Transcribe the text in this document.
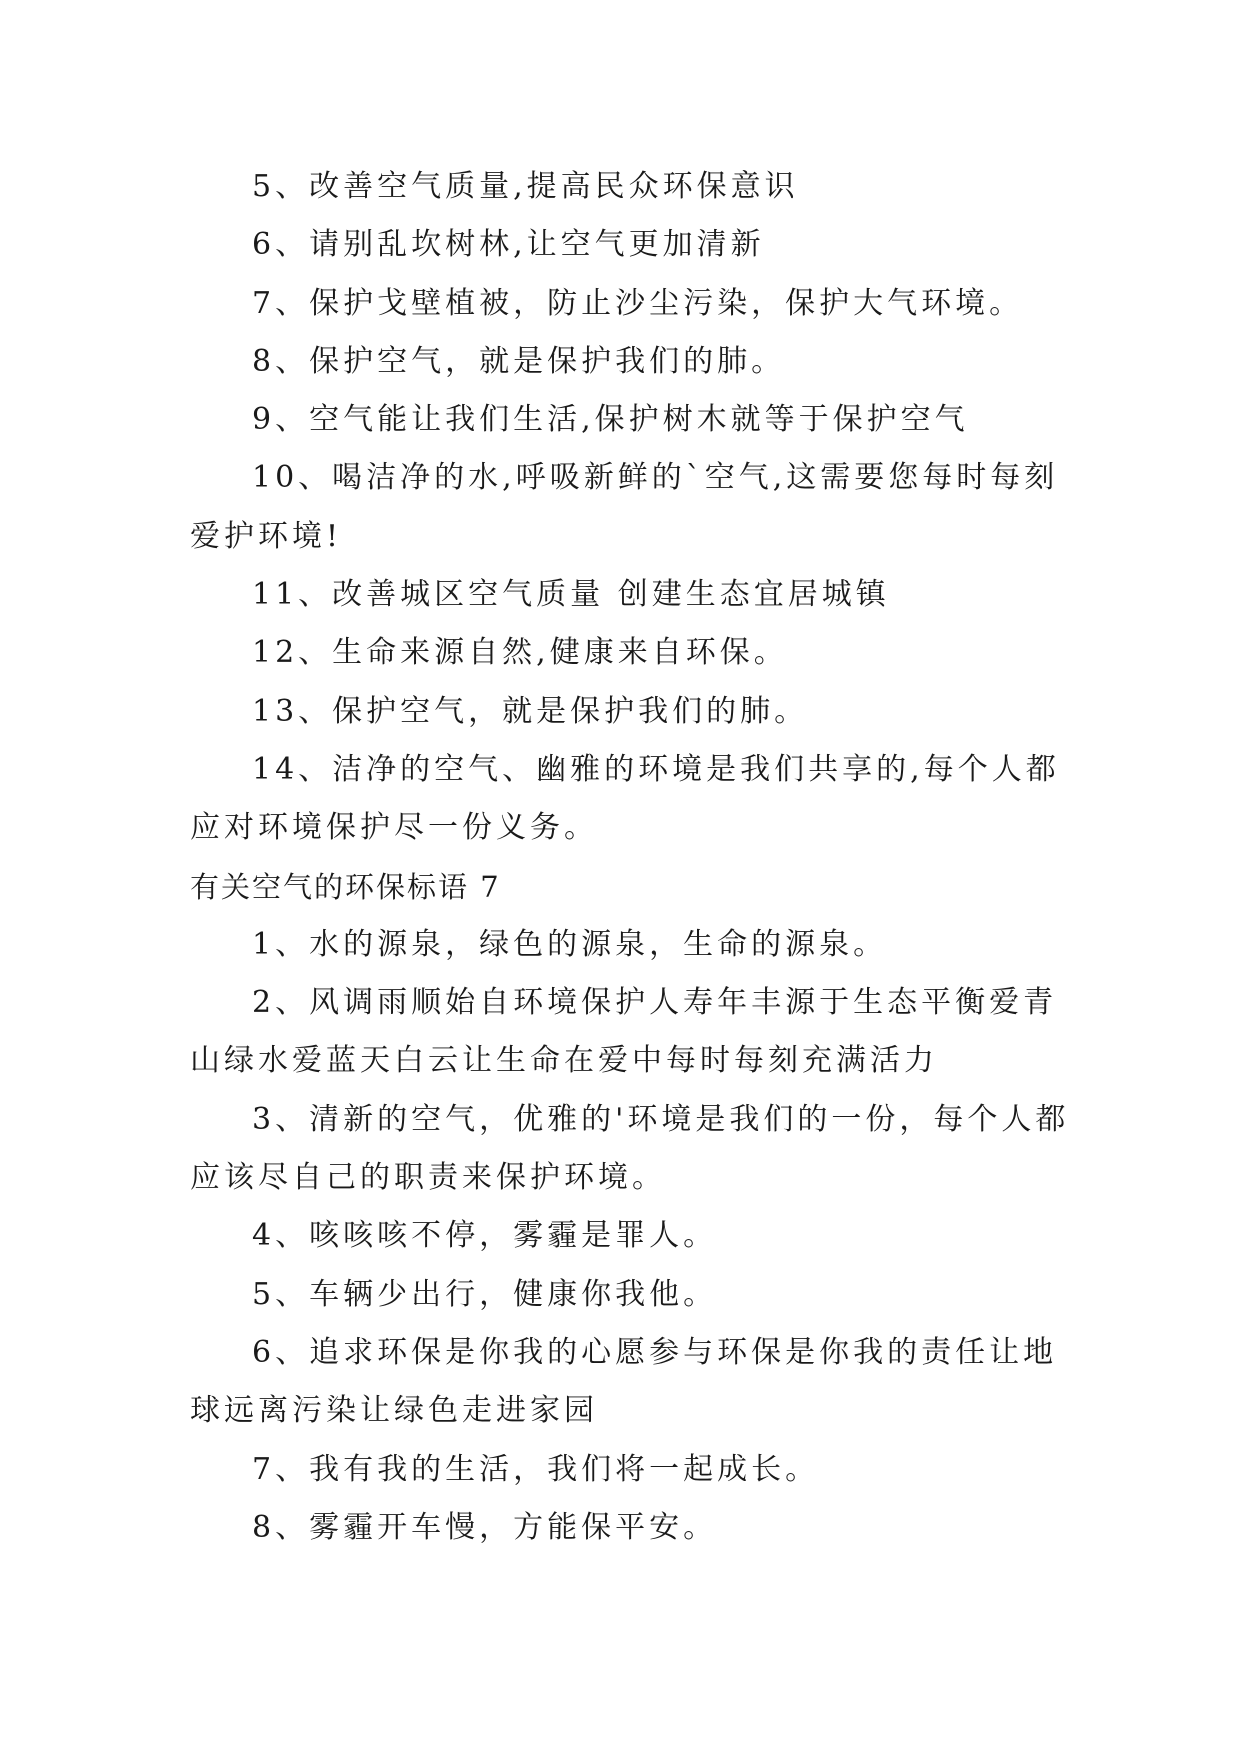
5、改善空气质量,提高民众环保意识

6、请别乱坎树林,让空气更加清新

7、保护戈壁植被，防止沙尘污染，保护大气环境。

8、保护空气，就是保护我们的肺。

9、空气能让我们生活,保护树木就等于保护空气

10、喝洁净的水,呼吸新鲜的`空气,这需要您每时每刻

爱护环境!

11、改善城区空气质量 创建生态宜居城镇

12、生命来源自然,健康来自环保。

13、保护空气，就是保护我们的肺。

14、洁净的空气、幽雅的环境是我们共享的,每个人都

应对环境保护尽一份义务。

有关空气的环保标语 7

1、水的源泉，绿色的源泉，生命的源泉。

2、风调雨顺始自环境保护人寿年丰源于生态平衡爱青

山绿水爱蓝天白云让生命在爱中每时每刻充满活力

3、清新的空气，优雅的'环境是我们的一份，每个人都

应该尽自己的职责来保护环境。

4、咳咳咳不停，雾霾是罪人。

5、车辆少出行，健康你我他。

6、追求环保是你我的心愿参与环保是你我的责任让地

球远离污染让绿色走进家园

7、我有我的生活，我们将一起成长。

8、雾霾开车慢，方能保平安。
